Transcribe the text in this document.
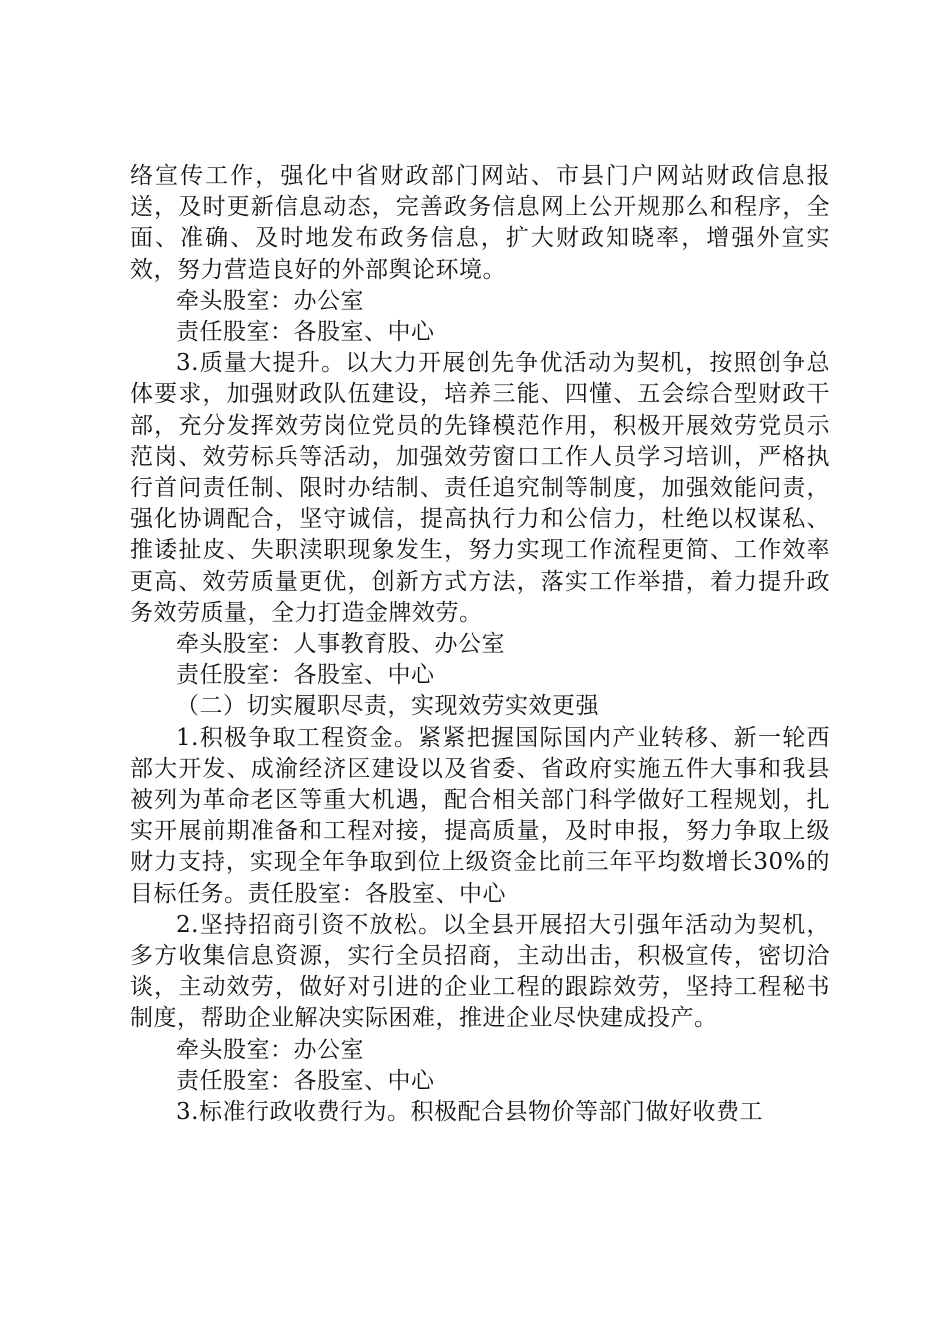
络宣传工作，强化中省财政部门网站、市县门户网站财政信息报送，及时更新信息动态，完善政务信息网上公开规那么和程序，全面、准确、及时地发布政务信息，扩大财政知晓率，增强外宣实效，努力营造良好的外部舆论环境。

牵头股室：办公室

责任股室：各股室、中心

3.质量大提升。以大力开展创先争优活动为契机，按照创争总体要求，加强财政队伍建设，培养三能、四懂、五会综合型财政干部，充分发挥效劳岗位党员的先锋模范作用，积极开展效劳党员示范岗、效劳标兵等活动，加强效劳窗口工作人员学习培训，严格执行首问责任制、限时办结制、责任追究制等制度，加强效能问责，强化协调配合，坚守诚信，提高执行力和公信力，杜绝以权谋私、推诿扯皮、失职渎职现象发生，努力实现工作流程更简、工作效率更高、效劳质量更优，创新方式方法，落实工作举措，着力提升政务效劳质量，全力打造金牌效劳。

牵头股室：人事教育股、办公室

责任股室：各股室、中心

（二）切实履职尽责，实现效劳实效更强

1.积极争取工程资金。紧紧把握国际国内产业转移、新一轮西部大开发、成渝经济区建设以及省委、省政府实施五件大事和我县被列为革命老区等重大机遇，配合相关部门科学做好工程规划，扎实开展前期准备和工程对接，提高质量，及时申报，努力争取上级财力支持，实现全年争取到位上级资金比前三年平均数增长30%的目标任务。责任股室：各股室、中心

2.坚持招商引资不放松。以全县开展招大引强年活动为契机，多方收集信息资源，实行全员招商，主动出击，积极宣传，密切洽谈，主动效劳，做好对引进的企业工程的跟踪效劳，坚持工程秘书制度，帮助企业解决实际困难，推进企业尽快建成投产。

牵头股室：办公室

责任股室：各股室、中心

3.标准行政收费行为。积极配合县物价等部门做好收费工
